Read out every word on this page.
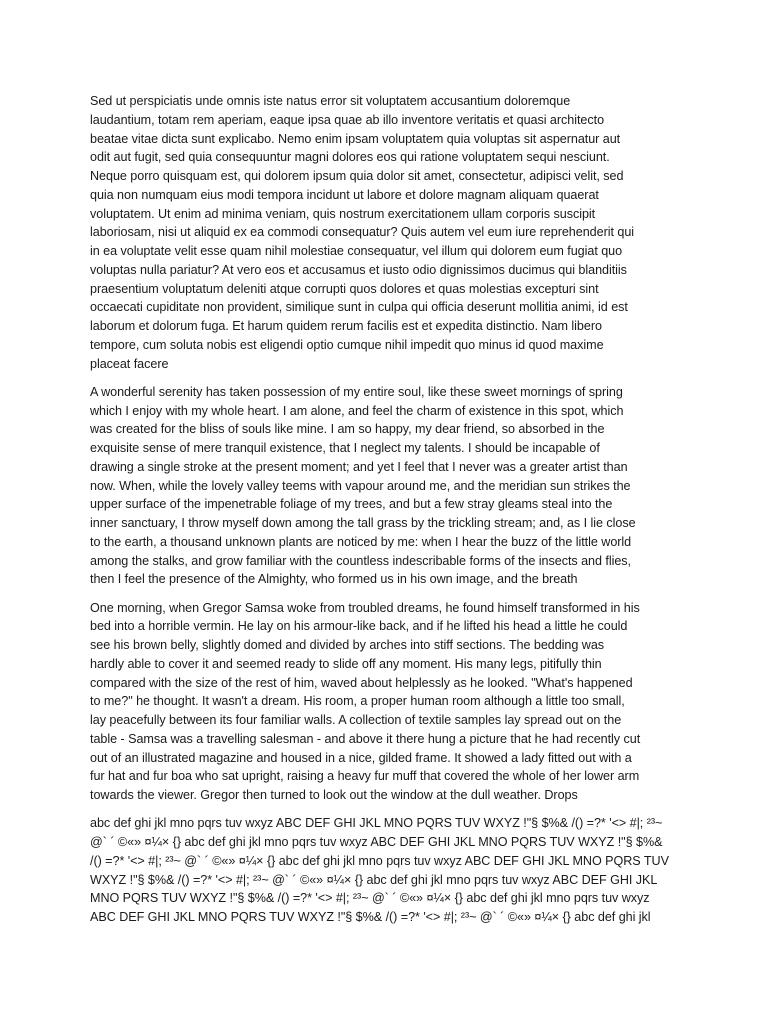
Sed ut perspiciatis unde omnis iste natus error sit voluptatem accusantium doloremque
laudantium, totam rem aperiam, eaque ipsa quae ab illo inventore veritatis et quasi architecto
beatae vitae dicta sunt explicabo. Nemo enim ipsam voluptatem quia voluptas sit aspernatur aut
odit aut fugit, sed quia consequuntur magni dolores eos qui ratione voluptatem sequi nesciunt.
Neque porro quisquam est, qui dolorem ipsum quia dolor sit amet, consectetur, adipisci velit, sed
quia non numquam eius modi tempora incidunt ut labore et dolore magnam aliquam quaerat
voluptatem. Ut enim ad minima veniam, quis nostrum exercitationem ullam corporis suscipit
laboriosam, nisi ut aliquid ex ea commodi consequatur? Quis autem vel eum iure reprehenderit qui
in ea voluptate velit esse quam nihil molestiae consequatur, vel illum qui dolorem eum fugiat quo
voluptas nulla pariatur? At vero eos et accusamus et iusto odio dignissimos ducimus qui blanditiis
praesentium voluptatum deleniti atque corrupti quos dolores et quas molestias excepturi sint
occaecati cupiditate non provident, similique sunt in culpa qui officia deserunt mollitia animi, id est
laborum et dolorum fuga. Et harum quidem rerum facilis est et expedita distinctio. Nam libero
tempore, cum soluta nobis est eligendi optio cumque nihil impedit quo minus id quod maxime
placeat facere

A wonderful serenity has taken possession of my entire soul, like these sweet mornings of spring
which I enjoy with my whole heart. I am alone, and feel the charm of existence in this spot, which
was created for the bliss of souls like mine. I am so happy, my dear friend, so absorbed in the
exquisite sense of mere tranquil existence, that I neglect my talents. I should be incapable of
drawing a single stroke at the present moment; and yet I feel that I never was a greater artist than
now. When, while the lovely valley teems with vapour around me, and the meridian sun strikes the
upper surface of the impenetrable foliage of my trees, and but a few stray gleams steal into the
inner sanctuary, I throw myself down among the tall grass by the trickling stream; and, as I lie close
to the earth, a thousand unknown plants are noticed by me: when I hear the buzz of the little world
among the stalks, and grow familiar with the countless indescribable forms of the insects and flies,
then I feel the presence of the Almighty, who formed us in his own image, and the breath

One morning, when Gregor Samsa woke from troubled dreams, he found himself transformed in his
bed into a horrible vermin. He lay on his armour-like back, and if he lifted his head a little he could
see his brown belly, slightly domed and divided by arches into stiff sections. The bedding was
hardly able to cover it and seemed ready to slide off any moment. His many legs, pitifully thin
compared with the size of the rest of him, waved about helplessly as he looked. "What's happened
to me?" he thought. It wasn't a dream. His room, a proper human room although a little too small,
lay peacefully between its four familiar walls. A collection of textile samples lay spread out on the
table - Samsa was a travelling salesman - and above it there hung a picture that he had recently cut
out of an illustrated magazine and housed in a nice, gilded frame. It showed a lady fitted out with a
fur hat and fur boa who sat upright, raising a heavy fur muff that covered the whole of her lower arm
towards the viewer. Gregor then turned to look out the window at the dull weather. Drops

abc def ghi jkl mno pqrs tuv wxyz ABC DEF GHI JKL MNO PQRS TUV WXYZ !"§ $%& /() =?* '<> #|; ²³~
@` ´ ©«» ¤¼× {} abc def ghi jkl mno pqrs tuv wxyz ABC DEF GHI JKL MNO PQRS TUV WXYZ !"§ $%&
/() =?* '<> #|; ²³~ @` ´ ©«» ¤¼× {} abc def ghi jkl mno pqrs tuv wxyz ABC DEF GHI JKL MNO PQRS TUV
WXYZ !"§ $%& /() =?* '<> #|; ²³~ @` ´ ©«» ¤¼× {} abc def ghi jkl mno pqrs tuv wxyz ABC DEF GHI JKL
MNO PQRS TUV WXYZ !"§ $%& /() =?* '<> #|; ²³~ @` ´ ©«» ¤¼× {} abc def ghi jkl mno pqrs tuv wxyz
ABC DEF GHI JKL MNO PQRS TUV WXYZ !"§ $%& /() =?* '<> #|; ²³~ @` ´ ©«» ¤¼× {} abc def ghi jkl
